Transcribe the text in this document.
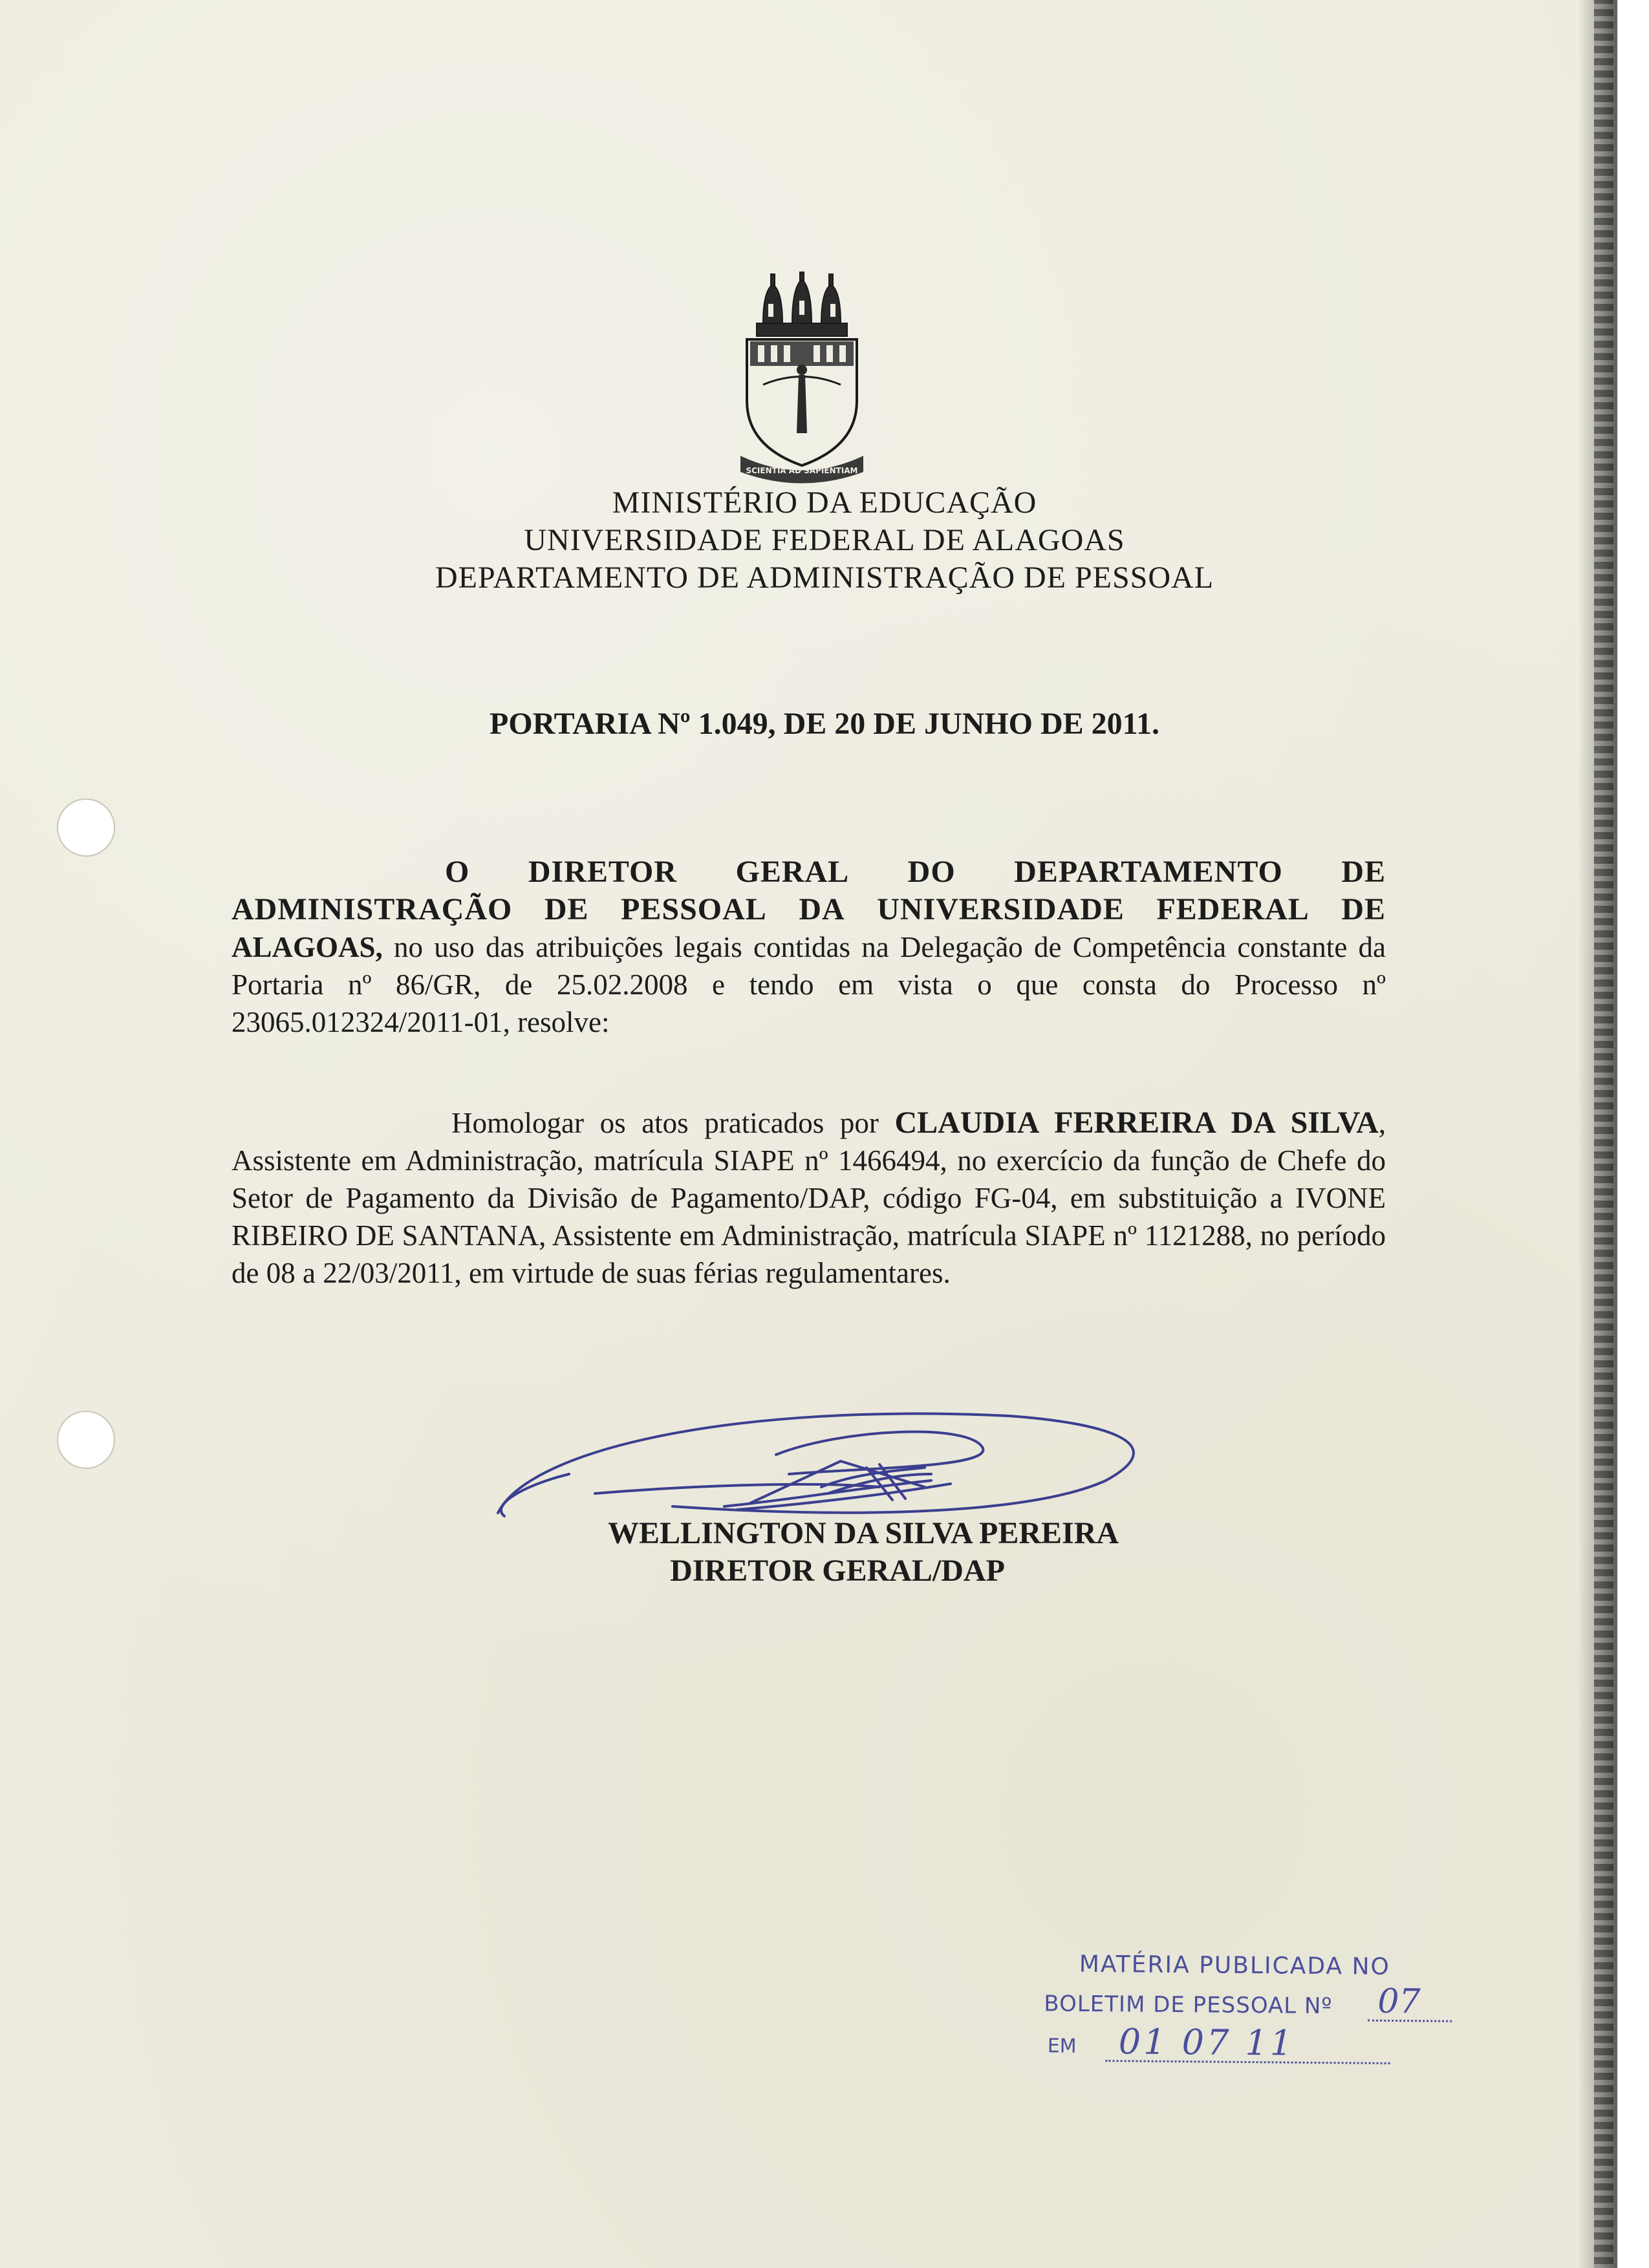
SCIENTIA AD SAPIENTIAM
MINISTÉRIO DA EDUCAÇÃO
UNIVERSIDADE FEDERAL DE ALAGOAS
DEPARTAMENTO DE ADMINISTRAÇÃO DE PESSOAL
PORTARIA Nº 1.049, DE 20 DE JUNHO DE 2011.
O DIRETOR GERAL DO DEPARTAMENTO DE
ADMINISTRAÇÃO DE PESSOAL DA UNIVERSIDADE FEDERAL DE
ALAGOAS, no uso das atribuições legais contidas na Delegação de Competência constante da Portaria nº 86/GR, de 25.02.2008 e tendo em vista o que consta do Processo nº 23065.012324/2011-01, resolve:
Homologar os atos praticados por CLAUDIA FERREIRA DA SILVA, Assistente em Administração, matrícula SIAPE nº 1466494, no exercício da função de Chefe do Setor de Pagamento da Divisão de Pagamento/DAP, código FG-04, em substituição a IVONE RIBEIRO DE SANTANA, Assistente em Administração, matrícula SIAPE nº 1121288, no período de 08 a 22/03/2011, em virtude de suas férias regulamentares.
WELLINGTON DA SILVA PEREIRA
DIRETOR GERAL/DAP
MATÉRIA PUBLICADA NO
BOLETIM DE PESSOAL Nº 07
EM 01 07 11
